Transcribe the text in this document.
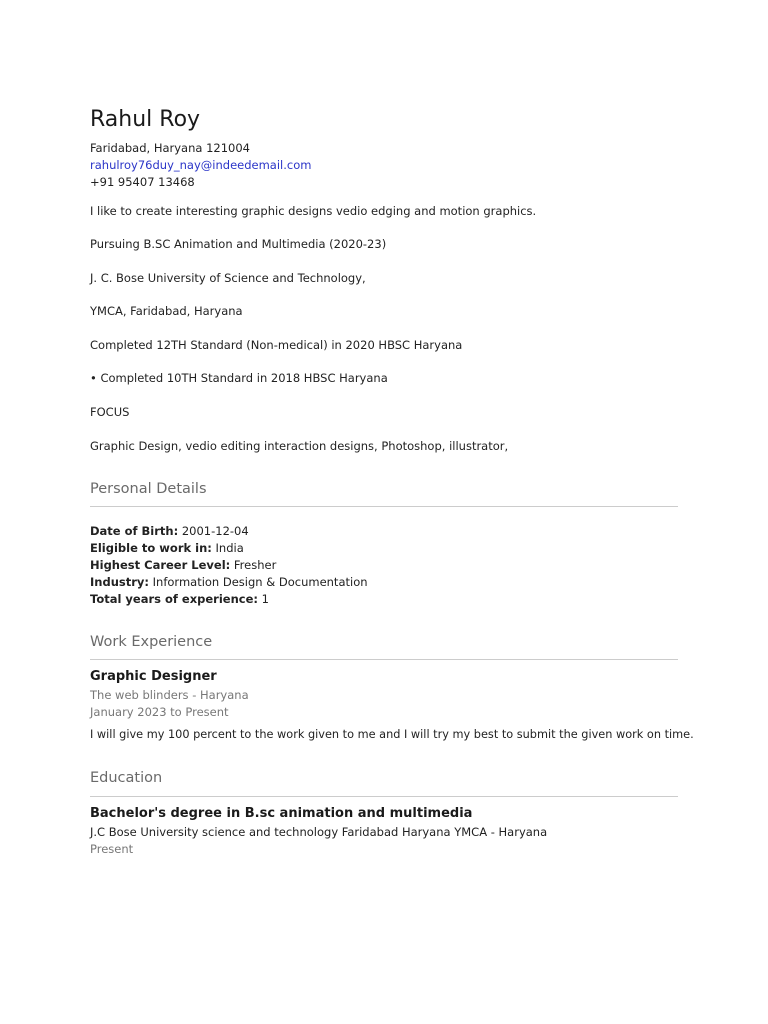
Rahul Roy
Faridabad, Haryana 121004
rahulroy76duy_nay@indeedemail.com
+91 95407 13468
I like to create interesting graphic designs vedio edging and motion graphics.
Pursuing B.SC Animation and Multimedia (2020-23)
J. C. Bose University of Science and Technology,
YMCA, Faridabad, Haryana
Completed 12TH Standard (Non-medical) in 2020 HBSC Haryana
• Completed 10TH Standard in 2018 HBSC Haryana
FOCUS
Graphic Design, vedio editing interaction designs, Photoshop, illustrator,
Personal Details
Date of Birth: 2001-12-04
Eligible to work in: India
Highest Career Level: Fresher
Industry: Information Design & Documentation
Total years of experience: 1
Work Experience
Graphic Designer
The web blinders - Haryana
January 2023 to Present
I will give my 100 percent to the work given to me and I will try my best to submit the given work on time.
Education
Bachelor's degree in B.sc animation and multimedia
J.C Bose University science and technology Faridabad Haryana YMCA - Haryana
Present
